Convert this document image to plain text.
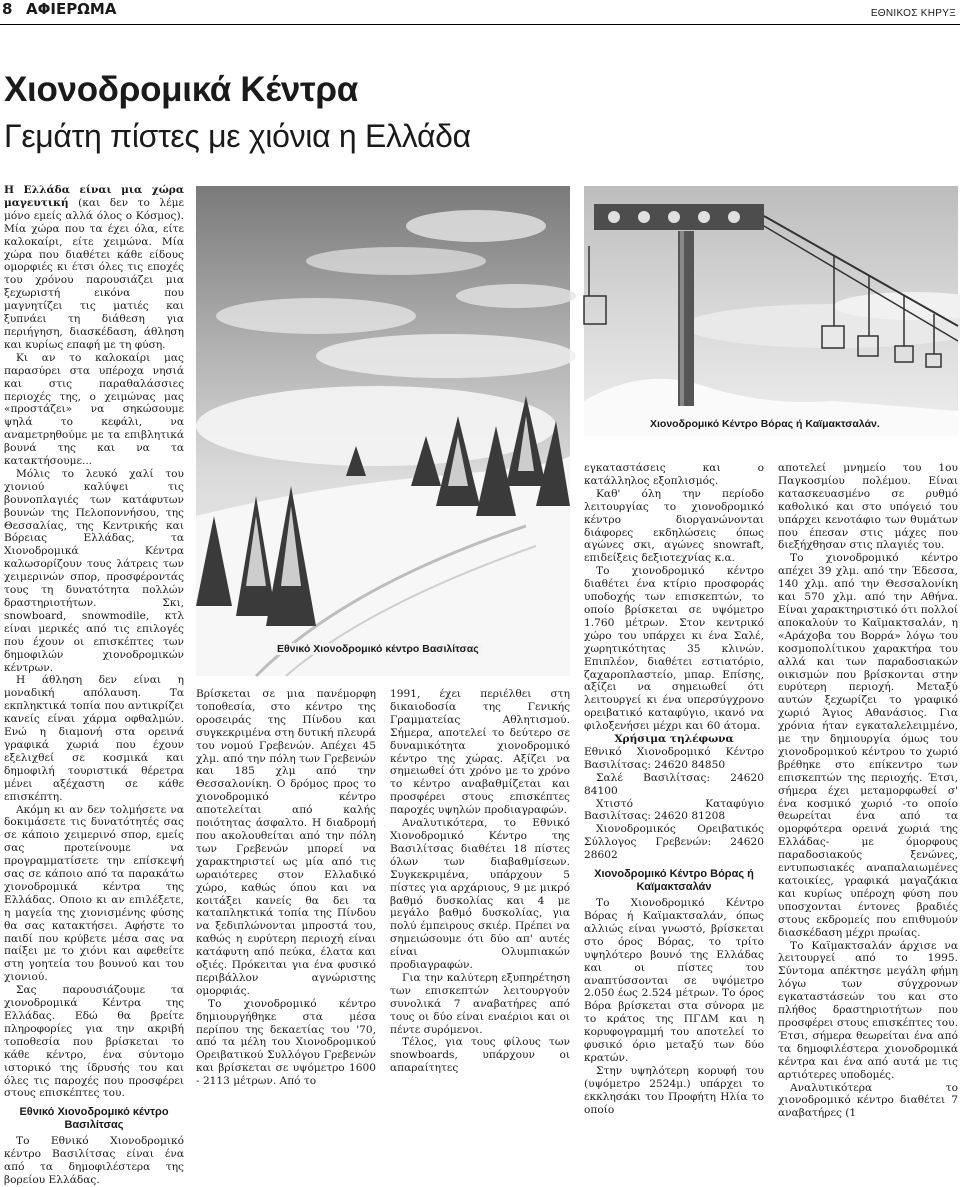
8 ΑΦΙΕΡΩΜΑ	ΕΘΝΙΚΟΣ ΚΗΡΥΞ
Χιονοδρομικά Κέντρα
Γεμάτη πίστες με χιόνια η Ελλάδα

Η Ελλάδα είναι μια χώρα μαγευτική (και δεν το λέμε μόνο εμείς αλλά όλος ο Κόσμος). Μία χώρα που τα έχει όλα, είτε καλοκαίρι, είτε χειμώνα. Μία χώρα που διαθέτει κάθε είδους ομορφιές κι έτσι όλες τις εποχές του χρόνου παρουσιάζει μια ξεχωριστή εικόνα που μαγνητίζει τις ματιές και ξυπνάει τη διάθεση για περιήγηση, διασκέδαση, άθληση και κυρίως επαφή με τη φύση.

Κι αν το καλοκαίρι μας παρασύρει στα υπέροχα νησιά και στις παραθαλάσσιες περιοχές της, ο χειμώνας μας «προστάζει» να σηκώσουμε ψηλά το κεφάλι, να αναμετρηθούμε με τα επιβλητικά βουνά της και να τα κατακτήσουμε...

Μόλις το λευκό χαλί του χιονιού καλύψει τις βουνοπλαγιές των κατάφυτων βουνών της Πελοποννήσου, της Θεσσαλίας, της Κεντρικής και Βόρειας Ελλάδας, τα Χιονοδρομικά Κέντρα καλωσορίζουν τους λάτρεις των χειμερινών σπορ, προσφέροντάς τους τη δυνατότητα πολλών δραστηριοτήτων. Σκι, snowboard, snowmodile, κτλ είναι μερικές από τις επιλογές που έχουν οι επισκέπτες των δημοφιλών χιονοδρομικών κέντρων.

Η άθληση δεν είναι η μοναδική απόλαυση. Τα εκπληκτικά τοπία που αντικρίζει κανείς είναι χάρμα οφθαλμών. Ενώ η διαμονή στα ορεινά γραφικά χωριά που έχουν εξελιχθεί σε κοσμικά και δημοφιλή τουριστικά θέρετρα μένει αξέχαστη σε κάθε επισκέπτη.

Ακόμη κι αν δεν τολμήσετε να δοκιμάσετε τις δυνατότητές σας σε κάποιο χειμερινό σπορ, εμείς σας προτείνουμε να προγραμματίσετε την επίσκεψή σας σε κάποιο από τα παρακάτω χιονοδρομικά κέντρα της Ελλάδας. Οποιο κι αν επιλέξετε, η μαγεία της χιονισμένης φύσης θα σας κατακτήσει. Αφήστε το παιδί που κρύβετε μέσα σας να παίξει με το χιόνι και αφεθείτε στη γοητεία του βουνού και του χιονιού.

Σας παρουσιάζουμε τα χιονοδρομικά Κέντρα της Ελλάδας. Εδώ θα βρείτε πληροφορίες για την ακριβή τοποθεσία που βρίσκεται το κάθε κέντρο, ένα σύντομο ιστορικό της ίδρυσής του και όλες τις παροχές που προσφέρει στους επισκέπτες του.

Εθνικό Χιονοδρομικό κέντρο Βασιλίτσας

Το Εθνικό Χιονοδρομικό κέντρο Βασιλίτσας είναι ένα από τα δημοφιλέστερα της βορείου Ελλάδας.

Εθνικό Χιονοδρομικό κέντρο Βασιλίτσας
Χιονοδρομικό Κέντρο Βόρας ή Καϊμακτσαλάν.

Βρίσκεται σε μια πανέμορφη τοποθεσία, στο κέντρο της οροσειράς της Πίνδου και συγκεκριμένα στη δυτική πλευρά του νομού Γρεβενών. Απέχει 45 χλμ. από την πόλη των Γρεβενών και 185 χλμ από την Θεσσαλονίκη. Ο δρόμος προς το χιονοδρομικό κέντρο αποτελείται από καλής ποιότητας άσφαλτο. Η διαδρομή που ακολουθείται από την πόλη των Γρεβενών μπορεί να χαρακτηριστεί ως μία από τις ωραιότερες στον Ελλαδικό χώρο, καθώς όπου και να κοιτάξει κανείς θα δει τα καταπληκτικά τοπία της Πίνδου να ξεδιπλώνονται μπροστά του, καθώς η ευρύτερη περιοχή είναι κατάφυτη από πεύκα, έλατα και οξιές. Πρόκειται για ένα φυσικό περιβάλλον αγνώριστης ομορφιάς.

Το χιονοδρομικό κέντρο δημιουργήθηκε στα μέσα περίπου της δεκαετίας του '70, από τα μέλη του Χιονοδρομικού Ορειβατικού Συλλόγου Γρεβενών και βρίσκεται σε υψόμετρο 1600 - 2113 μέτρων. Από το

1991, έχει περιέλθει στη δικαιοδοσία της Γενικής Γραμματείας Αθλητισμού. Σήμερα, αποτελεί το δεύτερο σε δυναμικότητα χιονοδρομικό κέντρο της χώρας. Αξίζει να σημειωθεί ότι χρόνο με το χρόνο το κέντρο αναβαθμίζεται και προσφέρει στους επισκέπτες παροχές υψηλών προδιαγραφών.

Αναλυτικότερα, το Εθνικό Χιονοδρομικό Κέντρο της Βασιλίτσας διαθέτει 18 πίστες όλων των διαβαθμίσεων. Συγκεκριμένα, υπάρχουν 5 πίστες για αρχάριους, 9 με μικρό βαθμό δυσκολίας και 4 με μεγάλο βαθμό δυσκολίας, για πολύ έμπειρους σκιέρ. Πρέπει να σημειώσουμε ότι δύο απ' αυτές είναι Ολυμπιακών προδιαγραφών.

Για την καλύτερη εξυπηρέτηση των επισκεπτών λειτουργούν συνολικά 7 αναβατήρες από τους οι δύο είναι εναέριοι και οι πέντε συρόμενοι.

Τέλος, για τους φίλους των snowboards, υπάρχουν οι απαραίτητες

εγκαταστάσεις και ο κατάλληλος εξοπλισμός.

Καθ' όλη την περίοδο λειτουργίας το χιονοδρομικό κέντρο διοργανώνονται διάφορες εκδηλώσεις όπως αγώνες σκι, αγώνες snowraft, επιδείξεις δεξιοτεχνίας κ.α.

Το χιονοδρομικό κέντρο διαθέτει ένα κτίριο προσφοράς υποδοχής των επισκεπτών, το οποίο βρίσκεται σε υψόμετρο 1.760 μέτρων. Στον κεντρικό χώρο του υπάρχει κι ένα Σαλέ, χωρητικότητας 35 κλινών. Επιπλέον, διαθέτει εστιατόριο, ζαχαροπλαστείο, μπαρ. Επίσης, αξίζει να σημειωθεί ότι λειτουργεί κι ένα υπερσύγχρονο ορειβατικό καταφύγιο, ικανό να φιλοξενήσει μέχρι και 60 άτομα.

Χρήσιμα τηλέφωνα

Εθνικό Χιονοδρομικό Κέντρο Βασιλίτσας: 24620 84850

Σαλέ Βασιλίτσας: 24620 84100

Χτιστό Καταφύγιο Βασιλίτσας: 24620 81208

Χιονοδρομικός Ορειβατικός Σύλλογος Γρεβενών: 24620 28602

Χιονοδρομικό Κέντρο Βόρας ή Καϊμακτσαλάν

Το Χιονοδρομικό Κέντρο Βόρας ή Καϊμακτσαλάν, όπως αλλιώς είναι γνωστό, βρίσκεται στο όρος Βόρας, το τρίτο υψηλότερο βουνό της Ελλάδας και οι πίστες του αναπτύσσονται σε υψόμετρο 2.050 έως 2.524 μέτρων. Το όρος Βόρα βρίσκεται στα σύνορα με το κράτος της ΠΓΔΜ και η κορυφογραμμή του αποτελεί το φυσικό όριο μεταξύ των δύο κρατών.

Στην υψηλότερη κορυφή του (υψόμετρο 2524μ.) υπάρχει το εκκλησάκι του Προφήτη Ηλία το οποίο

αποτελεί μνημείο του 1ου Παγκοσμίου πολέμου. Είναι κατασκευασμένο σε ρυθμό καθολικό και στο υπόγειό του υπάρχει κενοτάφιο των θυμάτων που έπεσαν στις μάχες που διεξήχθησαν στις πλαγιές του.

Το χιονοδρομικό κέντρο απέχει 39 χλμ. από την Έδεσσα, 140 χλμ. από την Θεσσαλονίκη και 570 χλμ. από την Αθήνα. Είναι χαρακτηριστικό ότι πολλοί αποκαλούν το Καϊμακτσαλάν, η «Αράχοβα του Βορρά» λόγω του κοσμοπολίτικου χαρακτήρα του αλλά και των παραδοσιακών οικισμών που βρίσκονται στην ευρύτερη περιοχή. Μεταξύ αυτών ξεχωρίζει το γραφικό χωριό Άγιος Αθανάσιος. Για χρόνια ήταν εγκαταλελειμμένο, με την δημιουργία όμως του χιονοδρομικού κέντρου το χωριό βρέθηκε στο επίκεντρο των επισκεπτών της περιοχής. Έτσι, σήμερα έχει μεταμορφωθεί σ' ένα κοσμικό χωριό -το οποίο θεωρείται ένα από τα ομορφότερα ορεινά χωριά της Ελλάδας- με όμορφους παραδοσιακούς ξενώνες, εντυπωσιακές αναπαλαιωμένες κατοικίες, γραφικά μαγαζάκια και κυρίως υπέροχη φύση που υποσχονται έντονες βραδιές στους εκδρομείς που επιθυμούν διασκέδαση μέχρι πρωίας.

Το Καϊμακτσαλάν άρχισε να λειτουργεί από το 1995. Σύντομα απέκτησε μεγάλη φήμη λόγω των σύγχρονων εγκαταστάσεών του και στο πλήθος δραστηριοτήτων που προσφέρει στους επισκέπτες του. Έτσι, σήμερα θεωρείται ένα από τα δημοφιλέστερα χιονοδρομικά κέντρα και ένα από αυτά με τις αρτιότερες υποδομές.

Αναλυτικότερα το χιονοδρομικό κέντρο διαθέτει 7 αναβατήρες (1
